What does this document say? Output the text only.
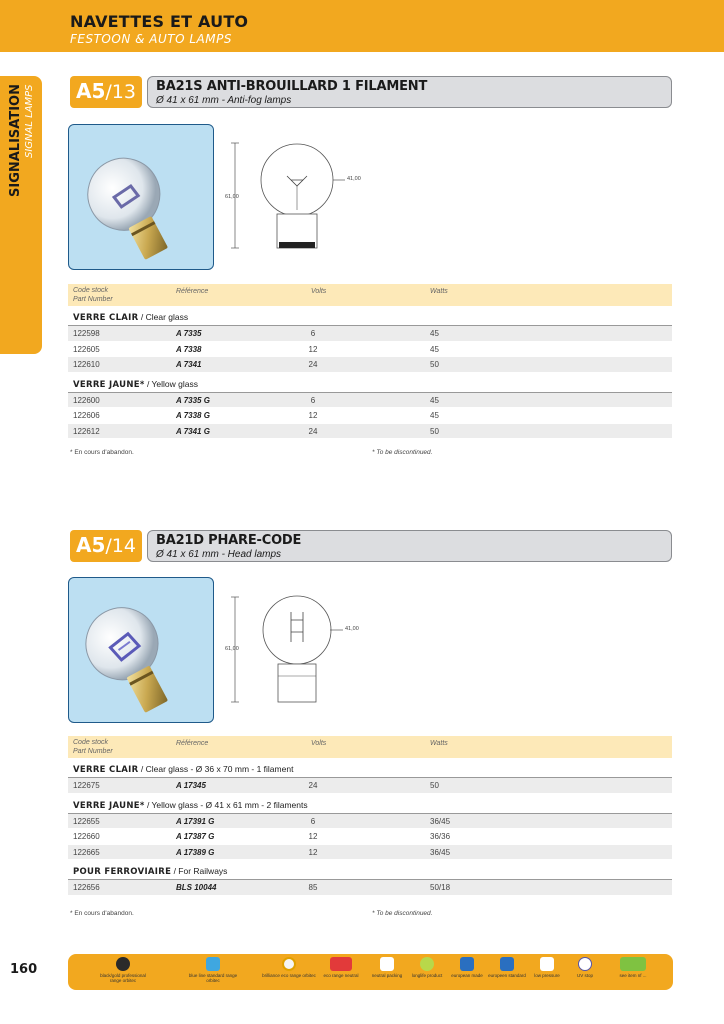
NAVETTES ET AUTO
FESTOON & AUTO LAMPS
SIGNALISATION SIGNAL LAMPS A5 /13 BA21S ANTI-BROUILLARD 1 FILAMENT
Ø 41 x 61 mm - Anti-fog lamps
61,00
41,00
Code stock
Part Number
Référence	Volts	Watts
VERRE CLAIR / Clear glass
122598	A 7335	6	45
122605	A 7338	12	45
122610	A 7341	24	50
VERRE JAUNE* / Yellow glass
122600	A 7335 G	6	45
122606	A 7338 G	12	45
122612	A 7341 G	24	50
* En cours d'abandon.	* To be discontinued.
A5 /14 BA21D PHARE-CODE
Ø 41 x 61 mm - Head lamps
61,00
41,00
Code stock
Part Number
Référence	Volts	Watts
VERRE CLAIR / Clear glass - Ø 36 x 70 mm - 1 filament
122675	A 17345	24	50
VERRE JAUNE* / Yellow glass - Ø 41 x 61 mm - 2 filaments
122655	A 17391 G	6	36/45
122660	A 17387 G	12	36/36
122665	A 17389 G	12	36/45
POUR FERROVIAIRE / For Railways
122656	BLS 10044	85	50/18
* En cours d'abandon.	* To be discontinued.
160	black/gold professional range orbitec
blue line standard range orbitec
brilliance eco range orbitec	eco range neutral	neutral packing	longlife product	european made	europeen standard	low pressure	UV stop	see item nf ...
